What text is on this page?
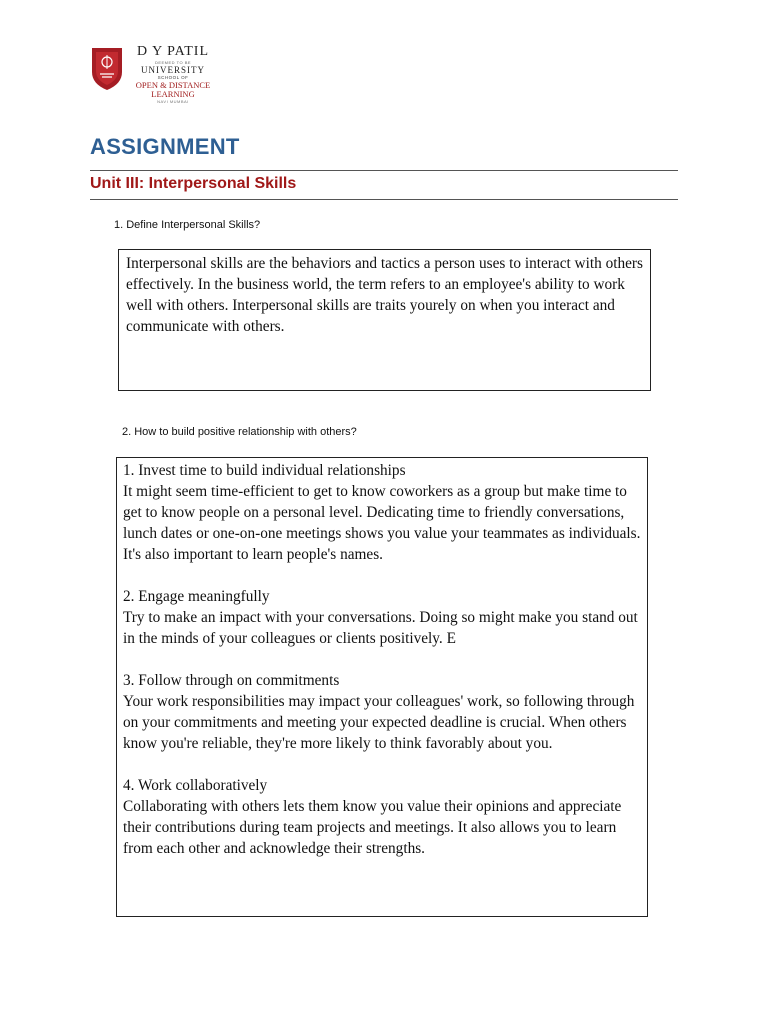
D Y PATIL
DEEMED TO BE
UNIVERSITY
SCHOOL OF
OPEN & DISTANCE
LEARNING
NAVI MUMBAI
ASSIGNMENT
Unit III: Interpersonal Skills
1. Define Interpersonal Skills?

Interpersonal skills are the behaviors and tactics a person uses to interact with others effectively. In the business world, the term refers to an employee's ability to work well with others. Interpersonal skills are traits yourely on when you interact and communicate with others.

2. How to build positive relationship with others?

1. Invest time to build individual relationships

It might seem time-efficient to get to know coworkers as a group but make time to get to know people on a personal level. Dedicating time to friendly conversations, lunch dates or one-on-one meetings shows you value your teammates as individuals. It's also important to learn people's names.

2. Engage meaningfully

Try to make an impact with your conversations. Doing so might make you stand out in the minds of your colleagues or clients positively. E

3. Follow through on commitments

Your work responsibilities may impact your colleagues' work, so following through on your commitments and meeting your expected deadline is crucial. When others know you're reliable, they're more likely to think favorably about you.

4. Work collaboratively

Collaborating with others lets them know you value their opinions and appreciate their contributions during team projects and meetings. It also allows you to learn from each other and acknowledge their strengths.
